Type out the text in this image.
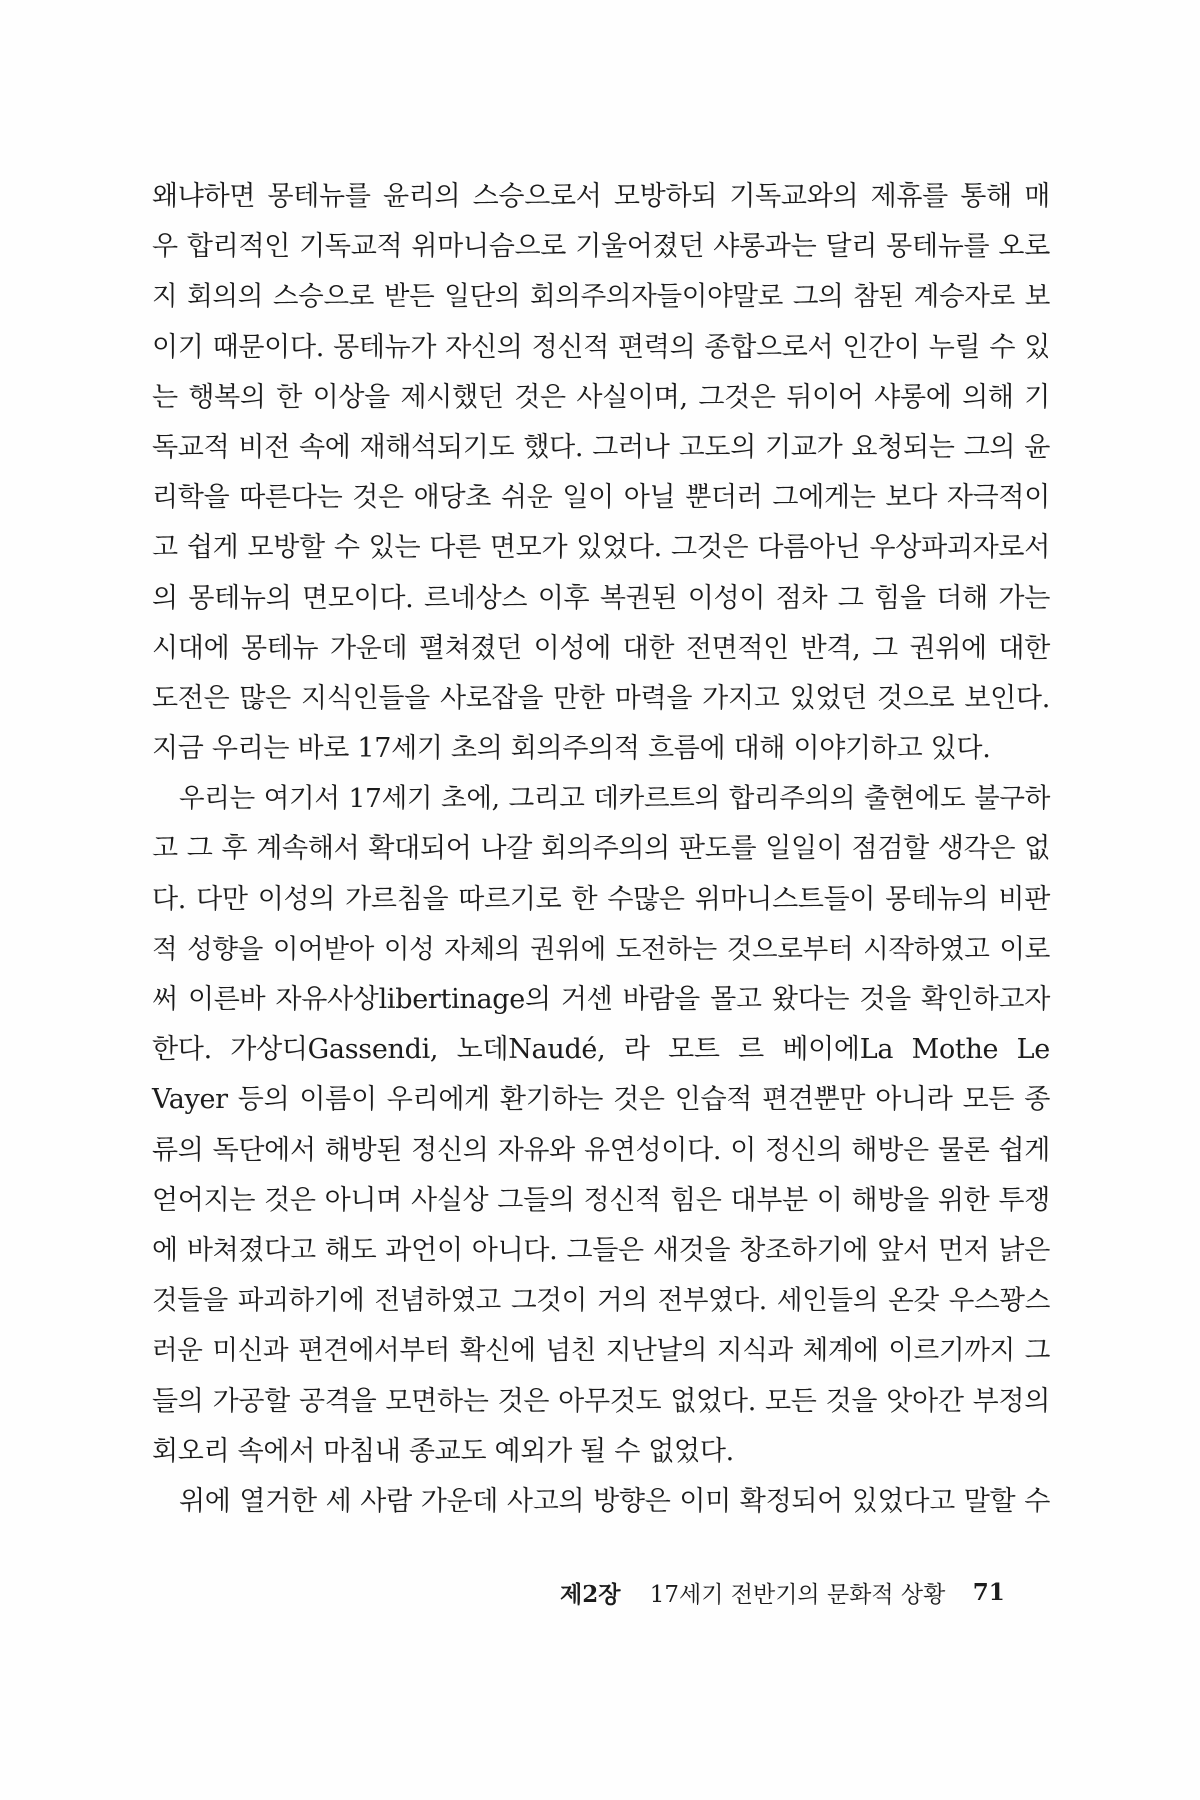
왜냐하면 몽테뉴를 윤리의 스승으로서 모방하되 기독교와의 제휴를 통해 매
우 합리적인 기독교적 위마니슴으로 기울어졌던 샤롱과는 달리 몽테뉴를 오로
지 회의의 스승으로 받든 일단의 회의주의자들이야말로 그의 참된 계승자로 보
이기 때문이다. 몽테뉴가 자신의 정신적 편력의 종합으로서 인간이 누릴 수 있
는 행복의 한 이상을 제시했던 것은 사실이며, 그것은 뒤이어 샤롱에 의해 기
독교적 비전 속에 재해석되기도 했다. 그러나 고도의 기교가 요청되는 그의 윤
리학을 따른다는 것은 애당초 쉬운 일이 아닐 뿐더러 그에게는 보다 자극적이
고 쉽게 모방할 수 있는 다른 면모가 있었다. 그것은 다름아닌 우상파괴자로서
의 몽테뉴의 면모이다. 르네상스 이후 복권된 이성이 점차 그 힘을 더해 가는
시대에 몽테뉴 가운데 펼쳐졌던 이성에 대한 전면적인 반격, 그 권위에 대한
도전은 많은 지식인들을 사로잡을 만한 마력을 가지고 있었던 것으로 보인다.
지금 우리는 바로 17세기 초의 회의주의적 흐름에 대해 이야기하고 있다.
우리는 여기서 17세기 초에, 그리고 데카르트의 합리주의의 출현에도 불구하
고 그 후 계속해서 확대되어 나갈 회의주의의 판도를 일일이 점검할 생각은 없
다. 다만 이성의 가르침을 따르기로 한 수많은 위마니스트들이 몽테뉴의 비판
적 성향을 이어받아 이성 자체의 권위에 도전하는 것으로부터 시작하였고 이로
써 이른바 자유사상libertinage의 거센 바람을 몰고 왔다는 것을 확인하고자
한다. 가상디Gassendi, 노데Naudé, 라 모트 르 베이에La Mothe Le
Vayer 등의 이름이 우리에게 환기하는 것은 인습적 편견뿐만 아니라 모든 종
류의 독단에서 해방된 정신의 자유와 유연성이다. 이 정신의 해방은 물론 쉽게
얻어지는 것은 아니며 사실상 그들의 정신적 힘은 대부분 이 해방을 위한 투쟁
에 바쳐졌다고 해도 과언이 아니다. 그들은 새것을 창조하기에 앞서 먼저 낡은
것들을 파괴하기에 전념하였고 그것이 거의 전부였다. 세인들의 온갖 우스꽝스
러운 미신과 편견에서부터 확신에 넘친 지난날의 지식과 체계에 이르기까지 그
들의 가공할 공격을 모면하는 것은 아무것도 없었다. 모든 것을 앗아간 부정의
회오리 속에서 마침내 종교도 예외가 될 수 없었다.
위에 열거한 세 사람 가운데 사고의 방향은 이미 확정되어 있었다고 말할 수
제2장 17세기 전반기의 문화적 상황 71
